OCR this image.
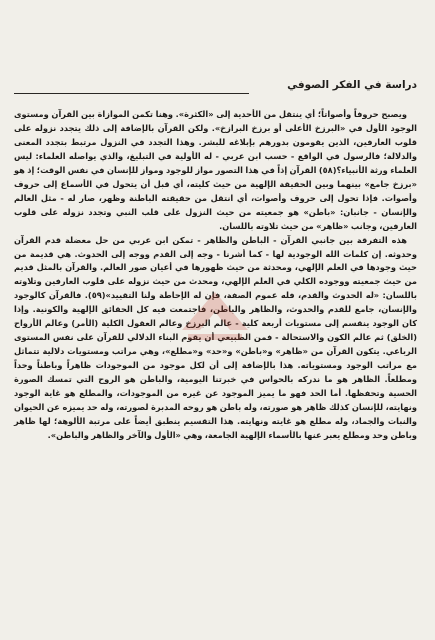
دراسة في الفكر الصوفي

ويصبح حروفاً وأصواتاً؛ أي ينتقل من الأحدية إلى «الكثرة». وهنا تكمن الموازاة بين القرآن ومستوى الوجود الأول في «البرزخ الأعلى أو برزخ البرازخ». ولكن القرآن بالإضافة إلى ذلك يتجدد نزوله على قلوب العارفين، الذين يقومون بدورهم بإبلاغه للبشر. وهذا التجدد في النزول مرتبط بتجدد المعنى والدلالة؛ فالرسول في الواقع - حسب ابن عربي - له الأولية في التبليغ، والذي يواصله العلماء: ليس العلماء ورثة الأنبياء؟(٥٨) القرآن إذاً في هذا التصور مواز للوجود ومواز للإنسان في نفس الوقت؛ إذ هو «برزخ جامع» بينهما وبين الحقيقة الإلهية من حيث كليته، أي قبل أن يتحول في الأسماع إلى حروف وأصوات. فإذا تحول إلى حروف وأصوات، أي انتقل من حقيقته الباطنة وظهر، صار له - مثل العالم والإنسان - جانبان: «باطن» هو جمعيته من حيث النزول على قلب النبي وتجدد نزوله على قلوب العارفين، وجانب «ظاهر» من حيث تلاوته باللسان.

هذه التفرقة بين جانبي القرآن - الباطن والظاهر - تمكن ابن عربي من حل معضلة قدم القرآن وحدوثه. إن كلمات الله الوجودية لها - كما أشرنا - وجه إلى القدم ووجه إلى الحدوث. هي قديمة من حيث وجودها في العلم الإلهي، ومحدثة من حيث ظهورها في أعيان صور العالم. والقرآن بالمثل قديم من حيث جمعيته ووجوده الكلي في العلم الإلهي، ومحدث من حيث نزوله على قلوب العارفين وتلاوته باللسان: «له الحدوث والقدم، فله عموم الصفة، فإن له الإحاطة ولنا التقييد»(٥٩). فالقرآن كالوجود والإنسان، جامع للقدم والحدوث، والظاهر والباطن، فاجتمعت فيه كل الحقائق الإلهية والكونية. وإذا كان الوجود ينقسم إلى مستويات أربعة كلية - عالم البرزخ وعالم العقول الكلية (الأمر) وعالم الأرواح (الخلق) ثم عالم الكون والاستحالة - فمن الطبيعي أن يقوم البناء الدلالي للقرآن على نفس المستوى الرباعي. يتكون القرآن من «ظاهر» و«باطن» و«حد» و«مطلع»، وهي مراتب ومستويات دلالية تتماثل مع مراتب الوجود ومستوياته. هذا بالإضافة إلى أن لكل موجود من الموجودات ظاهراً وباطناً وحداً ومطلعاً. الظاهر هو ما ندركه بالحواس في خبرتنا اليومية، والباطن هو الروح التي تمسك الصورة الحسية وتحفظها. أما الحد فهو ما يميز الموجود عن غيره من الموجودات، والمطلع هو غاية الوجود ونهايته، للإنسان كذلك ظاهر هو صورته، وله باطن هو روحه المدبرة لصورته، وله حد يميزه عن الحيوان والنبات والجماد، وله مطلع هو غايته ونهايته. هذا التقسيم ينطبق أيضاً على مرتبة الألوهة؛ لها ظاهر وباطن وحد ومطلع يعبر عنها بالأسماء الإلهية الجامعة، وهي «الأول والآخر والظاهر والباطن».
